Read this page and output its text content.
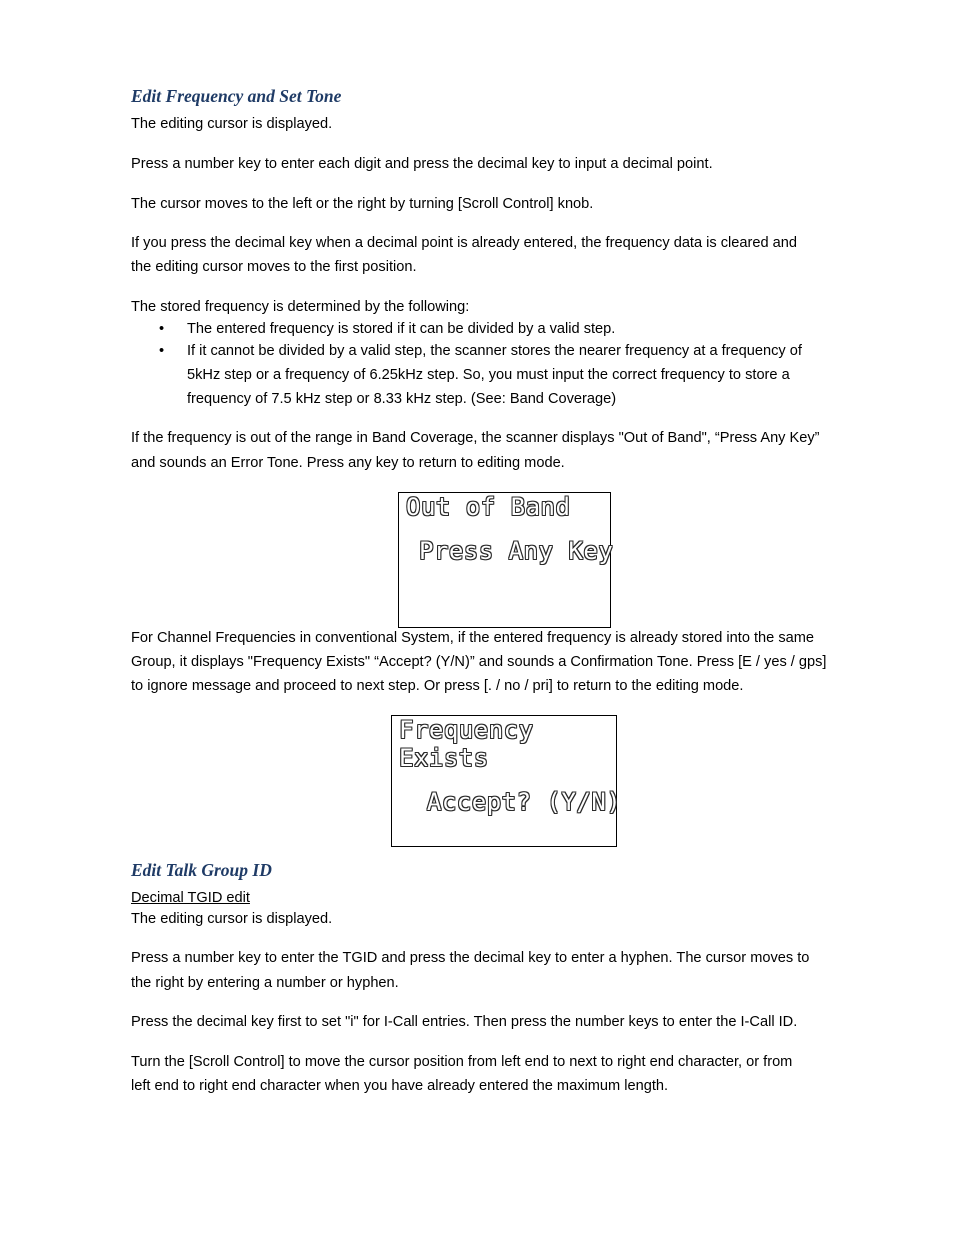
Edit Frequency and Set Tone

The editing cursor is displayed.

Press a number key to enter each digit and press the decimal key to input a decimal point.

The cursor moves to the left or the right by turning [Scroll Control] knob.

If you press the decimal key when a decimal point is already entered, the frequency data is cleared and
the editing cursor moves to the first position.

The stored frequency is determined by the following:

• The entered frequency is stored if it can be divided by a valid step.
• If it cannot be divided by a valid step, the scanner stores the nearer frequency at a frequency of
5kHz step or a frequency of 6.25kHz step. So, you must input the correct frequency to store a
frequency of 7.5 kHz step or 8.33 kHz step. (See: Band Coverage)
If the frequency is out of the range in Band Coverage, the scanner displays "Out of Band", “Press Any Key”
and sounds an Error Tone. Press any key to return to editing mode.
Out of Band
Press Any Key
For Channel Frequencies in conventional System, if the entered frequency is already stored into the same
Group, it displays "Frequency Exists" “Accept? (Y/N)” and sounds a Confirmation Tone. Press [E / yes / gps]
to ignore message and proceed to next step. Or press [. / no / pri] to return to the editing mode.
Frequency
Exists
Accept? (Y/N)
Edit Talk Group ID

Decimal TGID edit

The editing cursor is displayed.

Press a number key to enter the TGID and press the decimal key to enter a hyphen. The cursor moves to
the right by entering a number or hyphen.

Press the decimal key first to set "i" for I-Call entries. Then press the number keys to enter the I-Call ID.

Turn the [Scroll Control] to move the cursor position from left end to next to right end character, or from
left end to right end character when you have already entered the maximum length.
